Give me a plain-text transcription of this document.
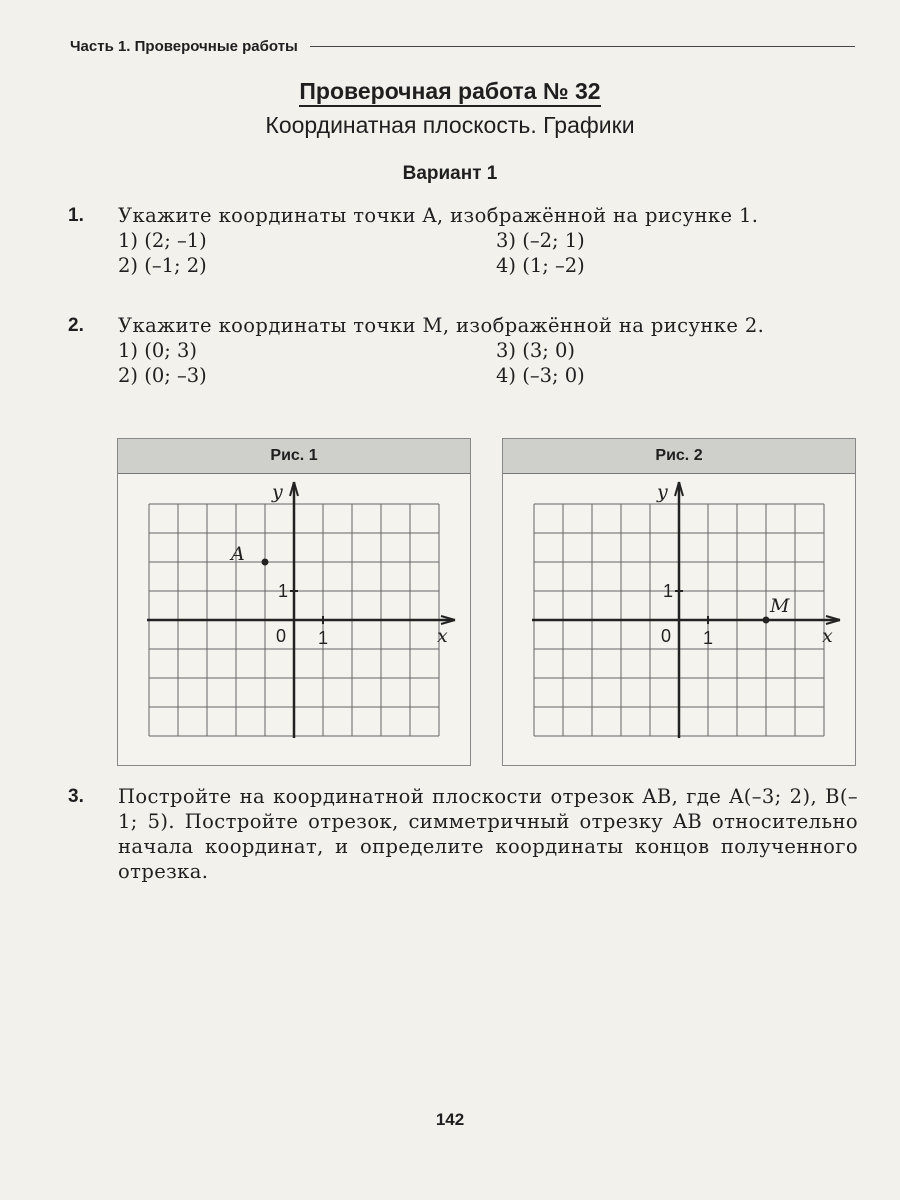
Часть 1. Проверочные работы
Проверочная работа № 32
Координатная плоскость. Графики
Вариант 1
1. Укажите координаты точки A, изображённой на рисунке 1.
1) (2; –1)	3) (–2; 1)
2) (–1; 2)	4) (1; –2)
2. Укажите координаты точки M, изображённой на рисунке 2.
1) (0; 3)	3) (3; 0)
2) (0; –3)	4) (–3; 0)
Рис. 1
x
y
0 1
1
A
Рис. 2
x
y
0 1
1
M
3. Постройте на координатной плоскости отрезок AB, где A(–3; 2), B(–1; 5). Постройте отрезок, симметричный отрезку AB относительно начала координат, и определите координаты концов полученного отрезка.
142
